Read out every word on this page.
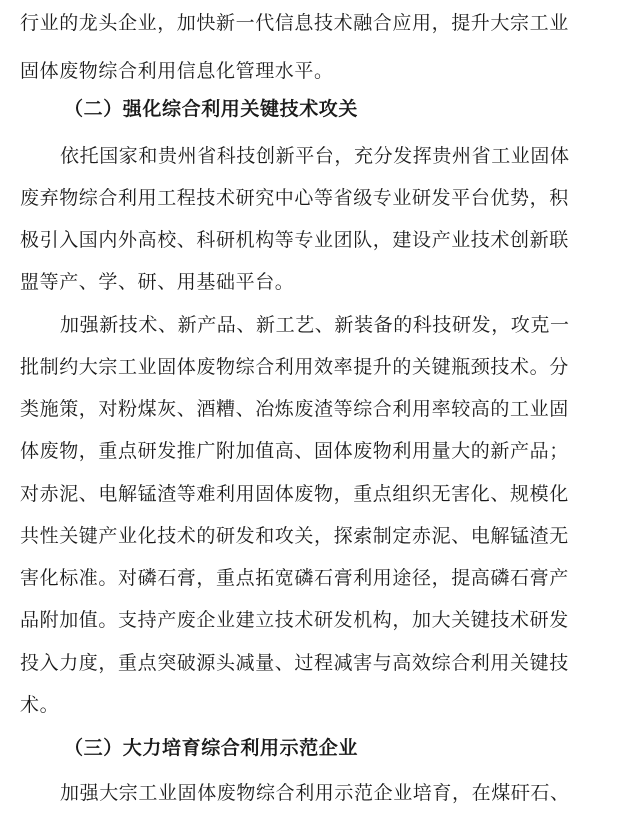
行业的龙头企业，加快新一代信息技术融合应用，提升大宗工业
固体废物综合利用信息化管理水平。
（二）强化综合利用关键技术攻关
依托国家和贵州省科技创新平台，充分发挥贵州省工业固体
废弃物综合利用工程技术研究中心等省级专业研发平台优势，积
极引入国内外高校、科研机构等专业团队，建设产业技术创新联
盟等产、学、研、用基础平台。
加强新技术、新产品、新工艺、新装备的科技研发，攻克一
批制约大宗工业固体废物综合利用效率提升的关键瓶颈技术。分
类施策，对粉煤灰、酒糟、冶炼废渣等综合利用率较高的工业固
体废物，重点研发推广附加值高、固体废物利用量大的新产品；
对赤泥、电解锰渣等难利用固体废物，重点组织无害化、规模化
共性关键产业化技术的研发和攻关，探索制定赤泥、电解锰渣无
害化标准。对磷石膏，重点拓宽磷石膏利用途径，提高磷石膏产
品附加值。支持产废企业建立技术研发机构，加大关键技术研发
投入力度，重点突破源头减量、过程减害与高效综合利用关键技
术。
（三）大力培育综合利用示范企业
加强大宗工业固体废物综合利用示范企业培育，在煤矸石、
